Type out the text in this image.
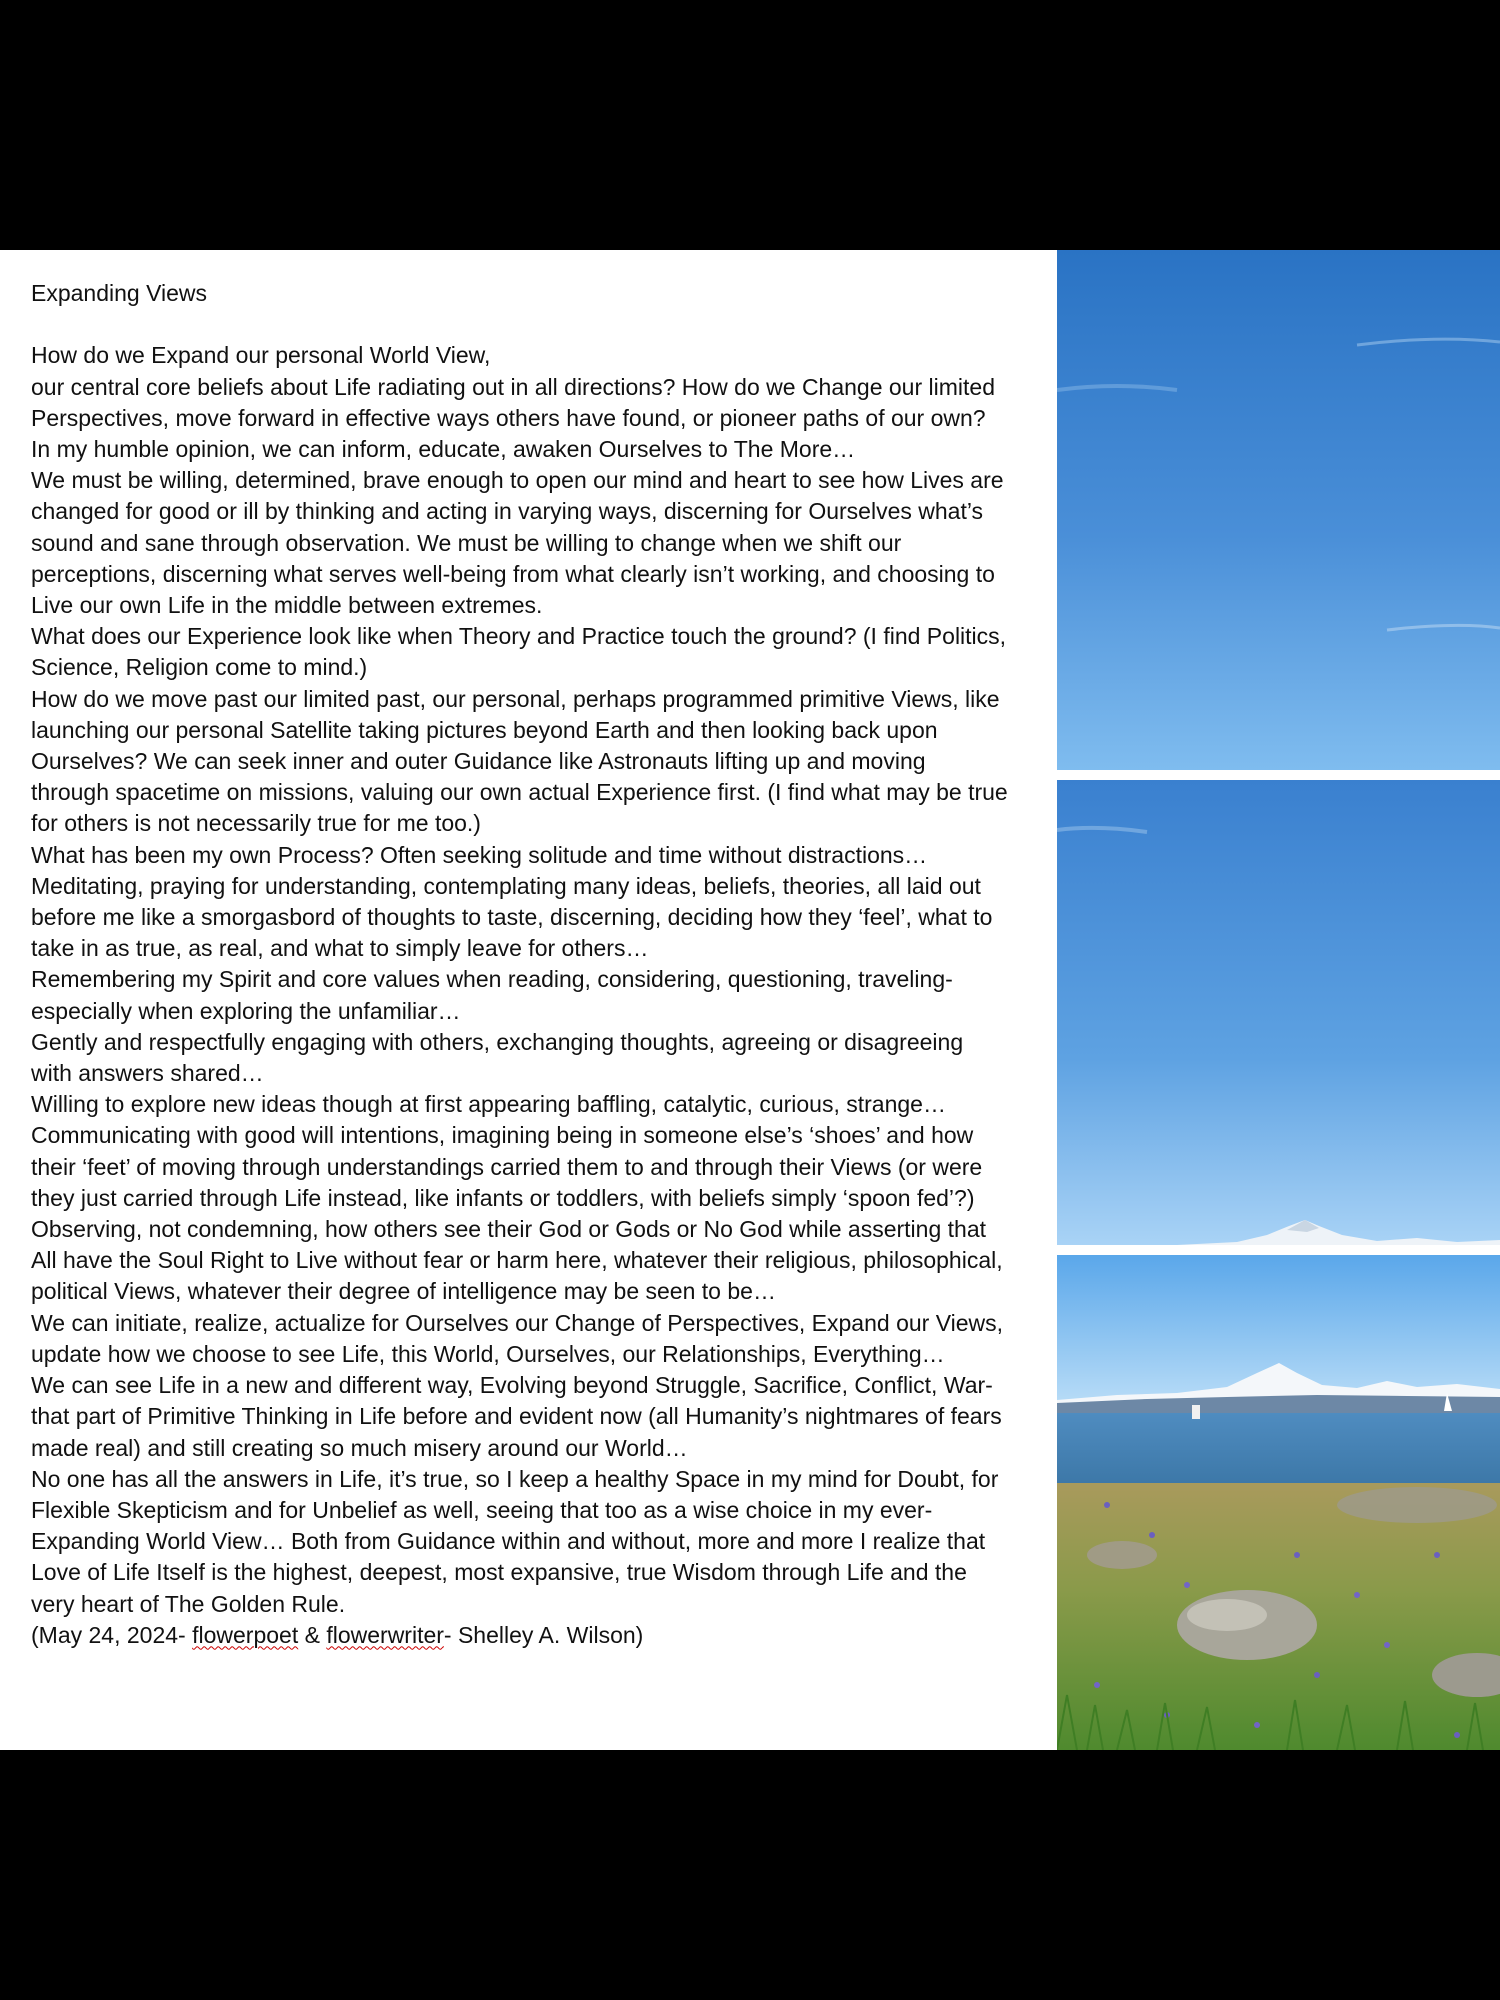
Expanding Views

How do we Expand our personal World View,
our central core beliefs about Life radiating out in all directions? How do we Change our limited
Perspectives, move forward in effective ways others have found, or pioneer paths of our own?

In my humble opinion, we can inform, educate, awaken Ourselves to The More…

We must be willing, determined, brave enough to open our mind and heart to see how Lives are
changed for good or ill by thinking and acting in varying ways, discerning for Ourselves what’s
sound and sane through observation. We must be willing to change when we shift our
perceptions, discerning what serves well-being from what clearly isn’t working, and choosing to
Live our own Life in the middle between extremes.

What does our Experience look like when Theory and Practice touch the ground? (I find Politics,
Science, Religion come to mind.)

How do we move past our limited past, our personal, perhaps programmed primitive Views, like
launching our personal Satellite taking pictures beyond Earth and then looking back upon
Ourselves? We can seek inner and outer Guidance like Astronauts lifting up and moving
through spacetime on missions, valuing our own actual Experience first. (I find what may be true
for others is not necessarily true for me too.)

What has been my own Process? Often seeking solitude and time without distractions…

Meditating, praying for understanding, contemplating many ideas, beliefs, theories, all laid out
before me like a smorgasbord of thoughts to taste, discerning, deciding how they ‘feel’, what to
take in as true, as real, and what to simply leave for others…

Remembering my Spirit and core values when reading, considering, questioning, traveling-
especially when exploring the unfamiliar…

Gently and respectfully engaging with others, exchanging thoughts, agreeing or disagreeing
with answers shared…

Willing to explore new ideas though at first appearing baffling, catalytic, curious, strange…

Communicating with good will intentions, imagining being in someone else’s ‘shoes’ and how
their ‘feet’ of moving through understandings carried them to and through their Views (or were
they just carried through Life instead, like infants or toddlers, with beliefs simply ‘spoon fed’?)

Observing, not condemning, how others see their God or Gods or No God while asserting that
All have the Soul Right to Live without fear or harm here, whatever their religious, philosophical,
political Views, whatever their degree of intelligence may be seen to be…

We can initiate, realize, actualize for Ourselves our Change of Perspectives, Expand our Views,
update how we choose to see Life, this World, Ourselves, our Relationships, Everything…

We can see Life in a new and different way, Evolving beyond Struggle, Sacrifice, Conflict, War-
that part of Primitive Thinking in Life before and evident now (all Humanity’s nightmares of fears
made real) and still creating so much misery around our World…

No one has all the answers in Life, it’s true, so I keep a healthy Space in my mind for Doubt, for
Flexible Skepticism and for Unbelief as well, seeing that too as a wise choice in my ever-
Expanding World View… Both from Guidance within and without, more and more I realize that
Love of Life Itself is the highest, deepest, most expansive, true Wisdom through Life and the
very heart of The Golden Rule.

(May 24, 2024- flowerpoet & flowerwriter- Shelley A. Wilson)
